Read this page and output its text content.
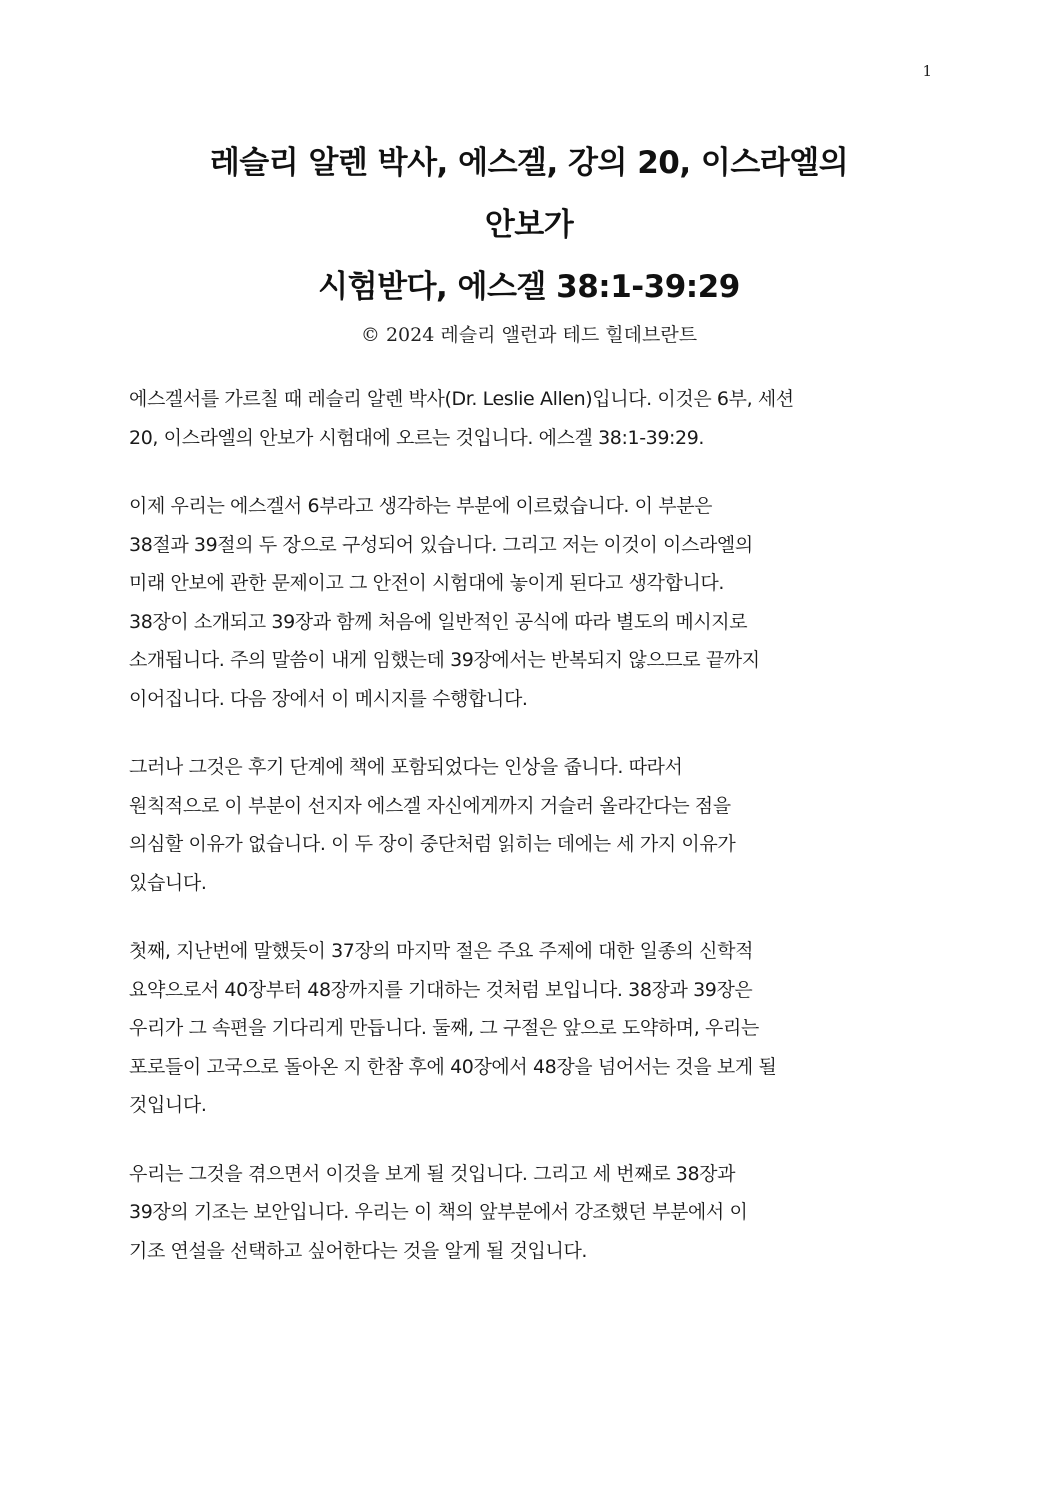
1
레슬리 알렌 박사, 에스겔, 강의 20, 이스라엘의
안보가
시험받다, 에스겔 38:1-39:29
© 2024 레슬리 앨런과 테드 힐데브란트
에스겔서를 가르칠 때 레슬리 알렌 박사(Dr. Leslie Allen)입니다. 이것은 6부, 세션
20, 이스라엘의 안보가 시험대에 오르는 것입니다. 에스겔 38:1-39:29.
이제 우리는 에스겔서 6부라고 생각하는 부분에 이르렀습니다. 이 부분은
38절과 39절의 두 장으로 구성되어 있습니다. 그리고 저는 이것이 이스라엘의
미래 안보에 관한 문제이고 그 안전이 시험대에 놓이게 된다고 생각합니다.
38장이 소개되고 39장과 함께 처음에 일반적인 공식에 따라 별도의 메시지로
소개됩니다. 주의 말씀이 내게 임했는데 39장에서는 반복되지 않으므로 끝까지
이어집니다. 다음 장에서 이 메시지를 수행합니다.
그러나 그것은 후기 단계에 책에 포함되었다는 인상을 줍니다. 따라서
원칙적으로 이 부분이 선지자 에스겔 자신에게까지 거슬러 올라간다는 점을
의심할 이유가 없습니다. 이 두 장이 중단처럼 읽히는 데에는 세 가지 이유가
있습니다.
첫째, 지난번에 말했듯이 37장의 마지막 절은 주요 주제에 대한 일종의 신학적
요약으로서 40장부터 48장까지를 기대하는 것처럼 보입니다. 38장과 39장은
우리가 그 속편을 기다리게 만듭니다. 둘째, 그 구절은 앞으로 도약하며, 우리는
포로들이 고국으로 돌아온 지 한참 후에 40장에서 48장을 넘어서는 것을 보게 될
것입니다.
우리는 그것을 겪으면서 이것을 보게 될 것입니다. 그리고 세 번째로 38장과
39장의 기조는 보안입니다. 우리는 이 책의 앞부분에서 강조했던 부분에서 이
기조 연설을 선택하고 싶어한다는 것을 알게 될 것입니다.
